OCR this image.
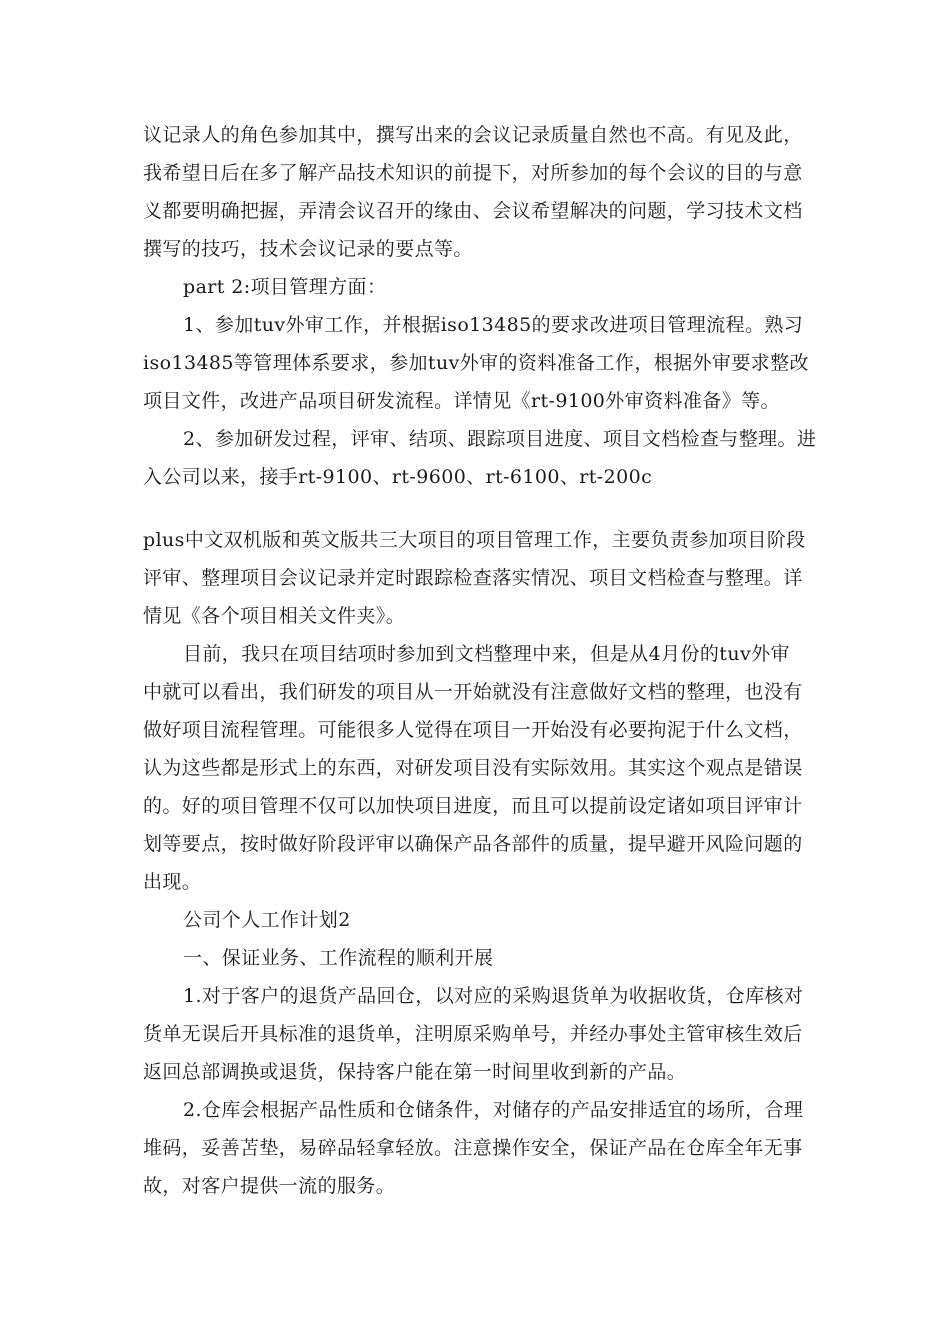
议记录人的角色参加其中，撰写出来的会议记录质量自然也不高。有见及此，
我希望日后在多了解产品技术知识的前提下，对所参加的每个会议的目的与意
义都要明确把握，弄清会议召开的缘由、会议希望解决的问题，学习技术文档
撰写的技巧，技术会议记录的要点等。
part 2:项目管理方面：
1、参加tuv外审工作，并根据iso13485的要求改进项目管理流程。熟习
iso13485等管理体系要求，参加tuv外审的资料准备工作，根据外审要求整改
项目文件，改进产品项目研发流程。详情见《rt-9100外审资料准备》等。
2、参加研发过程，评审、结项、跟踪项目进度、项目文档检查与整理。进
入公司以来，接手rt-9100、rt-9600、rt-6100、rt-200c
plus中文双机版和英文版共三大项目的项目管理工作，主要负责参加项目阶段
评审、整理项目会议记录并定时跟踪检查落实情况、项目文档检查与整理。详
情见《各个项目相关文件夹》。
目前，我只在项目结项时参加到文档整理中来，但是从4月份的tuv外审
中就可以看出，我们研发的项目从一开始就没有注意做好文档的整理，也没有
做好项目流程管理。可能很多人觉得在项目一开始没有必要拘泥于什么文档，
认为这些都是形式上的东西，对研发项目没有实际效用。其实这个观点是错误
的。好的项目管理不仅可以加快项目进度，而且可以提前设定诸如项目评审计
划等要点，按时做好阶段评审以确保产品各部件的质量，提早避开风险问题的
出现。
公司个人工作计划2
一、保证业务、工作流程的顺利开展
1.对于客户的退货产品回仓，以对应的采购退货单为收据收货，仓库核对
货单无误后开具标准的退货单，注明原采购单号，并经办事处主管审核生效后
返回总部调换或退货，保持客户能在第一时间里收到新的产品。
2.仓库会根据产品性质和仓储条件，对储存的产品安排适宜的场所，合理
堆码，妥善苫垫，易碎品轻拿轻放。注意操作安全，保证产品在仓库全年无事
故，对客户提供一流的服务。
